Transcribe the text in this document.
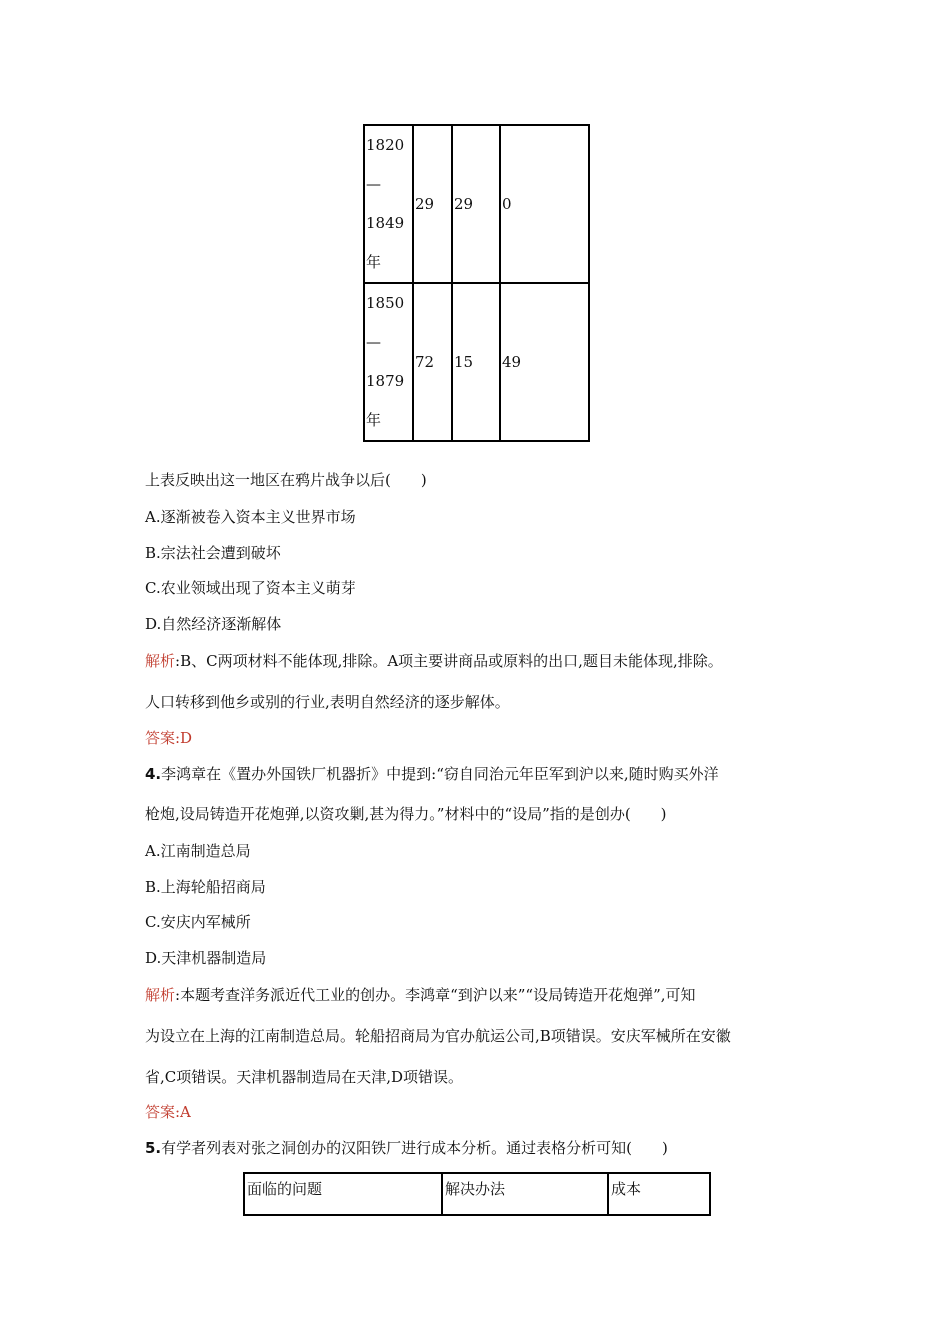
1820
—
1849
年	29	29	0

1850
—
1879
年	72	15	49
上表反映出这一地区在鸦片战争以后(　　)
A.逐渐被卷入资本主义世界市场
B.宗法社会遭到破坏
C.农业领域出现了资本主义萌芽
D.自然经济逐渐解体
解析:B、C两项材料不能体现,排除。A项主要讲商品或原料的出口,题目未能体现,排除。
人口转移到他乡或别的行业,表明自然经济的逐步解体。
答案:D
4.李鸿章在《置办外国铁厂机器折》中提到:“窃自同治元年臣军到沪以来,随时购买外洋
枪炮,设局铸造开花炮弹,以资攻剿,甚为得力。”材料中的“设局”指的是创办(　　)
A.江南制造总局
B.上海轮船招商局
C.安庆内军械所
D.天津机器制造局
解析:本题考查洋务派近代工业的创办。李鸿章“到沪以来”“设局铸造开花炮弹”,可知
为设立在上海的江南制造总局。轮船招商局为官办航运公司,B项错误。安庆军械所在安徽
省,C项错误。天津机器制造局在天津,D项错误。
答案:A
5.有学者列表对张之洞创办的汉阳铁厂进行成本分析。通过表格分析可知(　　)
面临的问题	解决办法	成本
